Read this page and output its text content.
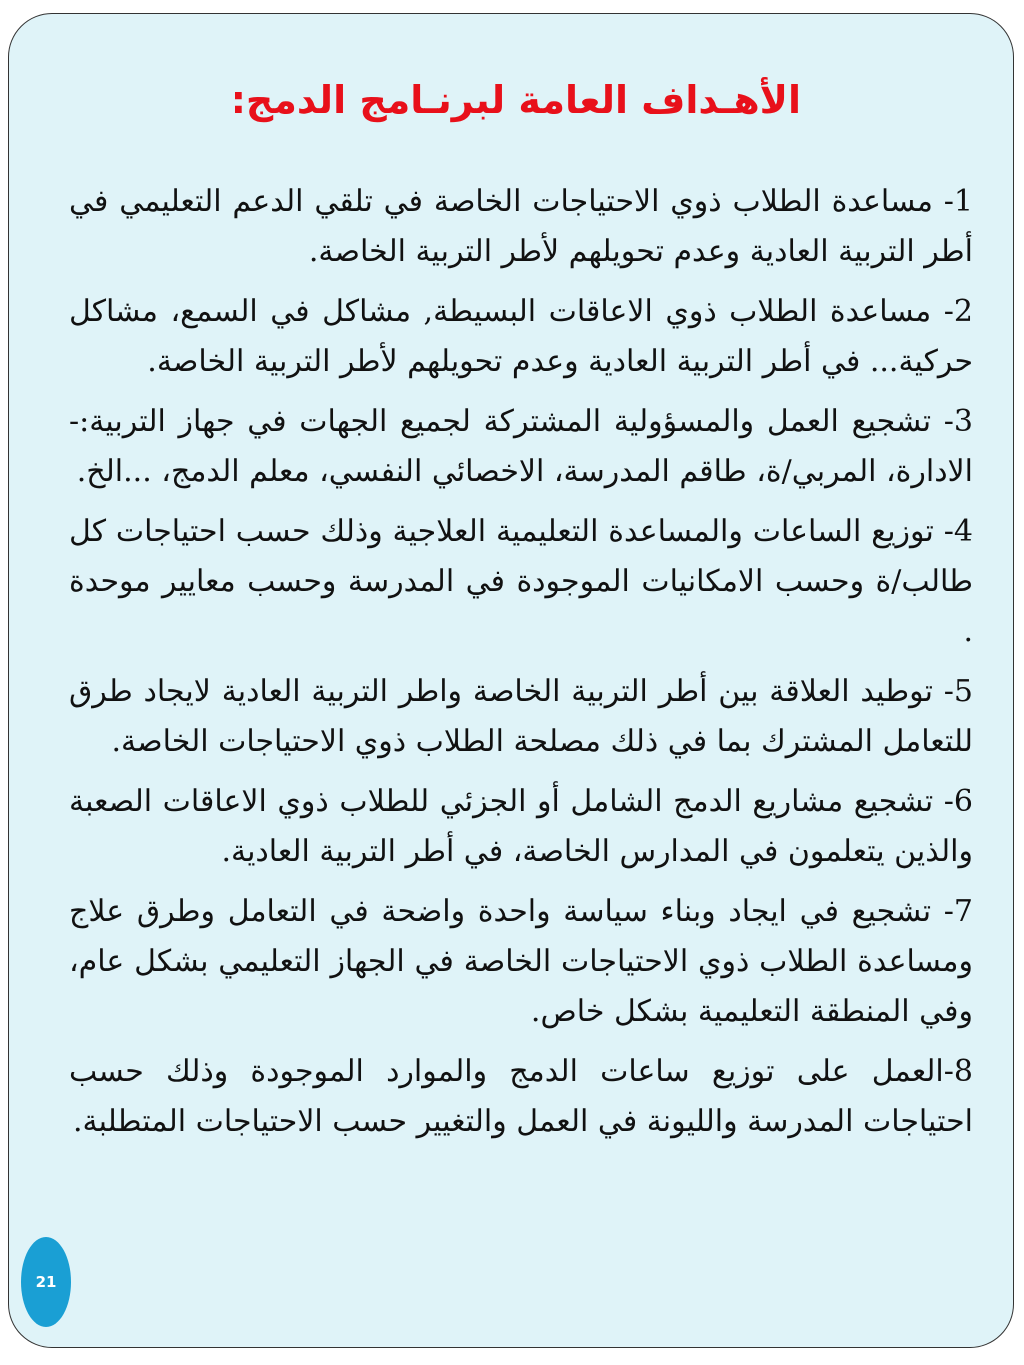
الأهـداف العامة لبرنـامج الدمج:
1- مساعدة الطلاب ذوي الاحتياجات الخاصة في تلقي الدعم التعليمي في أطر التربية العادية وعدم تحويلهم لأطر التربية الخاصة.
2- مساعدة الطلاب ذوي الاعاقات البسيطة, مشاكل في السمع، مشاكل حركية... في أطر التربية العادية وعدم تحويلهم لأطر التربية الخاصة.
3- تشجيع العمل والمسؤولية المشتركة لجميع الجهات في جهاز التربية:- الادارة، المربي/ة، طاقم المدرسة، الاخصائي النفسي، معلم الدمج، ...الخ.
4- توزيع الساعات والمساعدة التعليمية العلاجية وذلك حسب احتياجات كل طالب/ة وحسب الامكانيات الموجودة في المدرسة وحسب معايير موحدة .
5- توطيد العلاقة بين أطر التربية الخاصة واطر التربية العادية لايجاد طرق للتعامل المشترك بما في ذلك مصلحة الطلاب ذوي الاحتياجات الخاصة.
6- تشجيع مشاريع الدمج الشامل أو الجزئي للطلاب ذوي الاعاقات الصعبة والذين يتعلمون في المدارس الخاصة، في أطر التربية العادية.
7- تشجيع في ايجاد وبناء سياسة واحدة واضحة في التعامل وطرق علاج ومساعدة الطلاب ذوي الاحتياجات الخاصة في الجهاز التعليمي بشكل عام، وفي المنطقة التعليمية بشكل خاص.
8-العمل على توزيع ساعات الدمج والموارد الموجودة وذلك حسب احتياجات المدرسة والليونة في العمل والتغيير حسب الاحتياجات المتطلبة.
21
